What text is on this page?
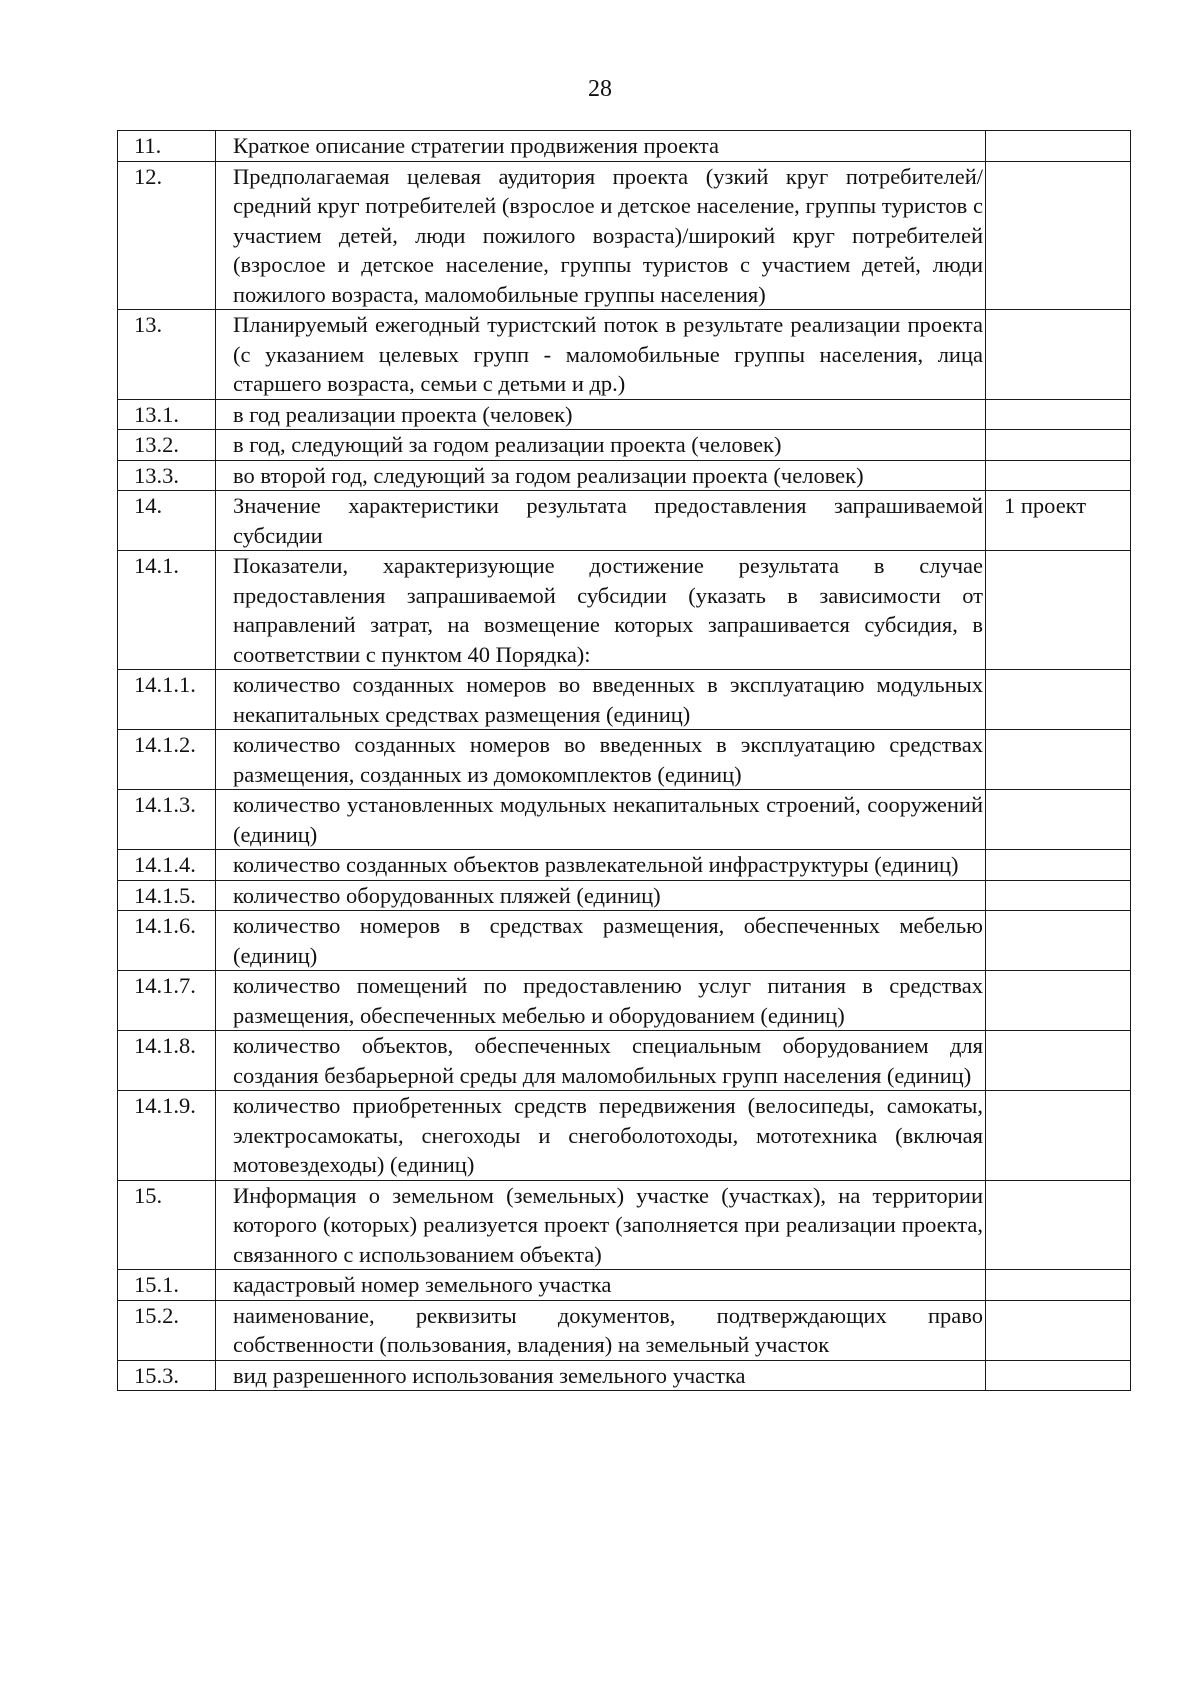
28
11.	Краткое описание стратегии продвижения проекта	
12.	Предполагаемая целевая аудитория проекта (узкий круг потребителей/средний круг потребителей (взрослое и детское население, группы туристов с участием детей, люди пожилого возраста)/широкий круг потребителей (взрослое и детское население, группы туристов с участием детей, люди пожилого возраста, маломобильные группы населения)	
13.	Планируемый ежегодный туристский поток в результате реализации проекта (с указанием целевых групп - маломобильные группы населения, лица старшего возраста, семьи с детьми и др.)	
13.1.	в год реализации проекта (человек)	
13.2.	в год, следующий за годом реализации проекта (человек)	
13.3.	во второй год, следующий за годом реализации проекта (человек)	
14.	Значение характеристики результата предоставления запрашиваемой субсидии	1 проект
14.1.	Показатели, характеризующие достижение результата в случае предоставления запрашиваемой субсидии (указать в зависимости от направлений затрат, на возмещение которых запрашивается субсидия, в соответствии с пунктом 40 Порядка):	
14.1.1.	количество созданных номеров во введенных в эксплуатацию модульных некапитальных средствах размещения (единиц)	
14.1.2.	количество созданных номеров во введенных в эксплуатацию средствах размещения, созданных из домокомплектов (единиц)	
14.1.3.	количество установленных модульных некапитальных строений, сооружений (единиц)	
14.1.4.	количество созданных объектов развлекательной инфраструктуры (единиц)	
14.1.5.	количество оборудованных пляжей (единиц)	
14.1.6.	количество номеров в средствах размещения, обеспеченных мебелью (единиц)	
14.1.7.	количество помещений по предоставлению услуг питания в средствах размещения, обеспеченных мебелью и оборудованием (единиц)	
14.1.8.	количество объектов, обеспеченных специальным оборудованием для создания безбарьерной среды для маломобильных групп населения (единиц)	
14.1.9.	количество приобретенных средств передвижения (велосипеды, самокаты, электросамокаты, снегоходы и снегоболотоходы, мототехника (включая мотовездеходы) (единиц)	
15.	Информация о земельном (земельных) участке (участках), на территории которого (которых) реализуется проект (заполняется при реализации проекта, связанного с использованием объекта)	
15.1.	кадастровый номер земельного участка	
15.2.	наименование, реквизиты документов, подтверждающих право собственности (пользования, владения) на земельный участок	
15.3.	вид разрешенного использования земельного участка	
